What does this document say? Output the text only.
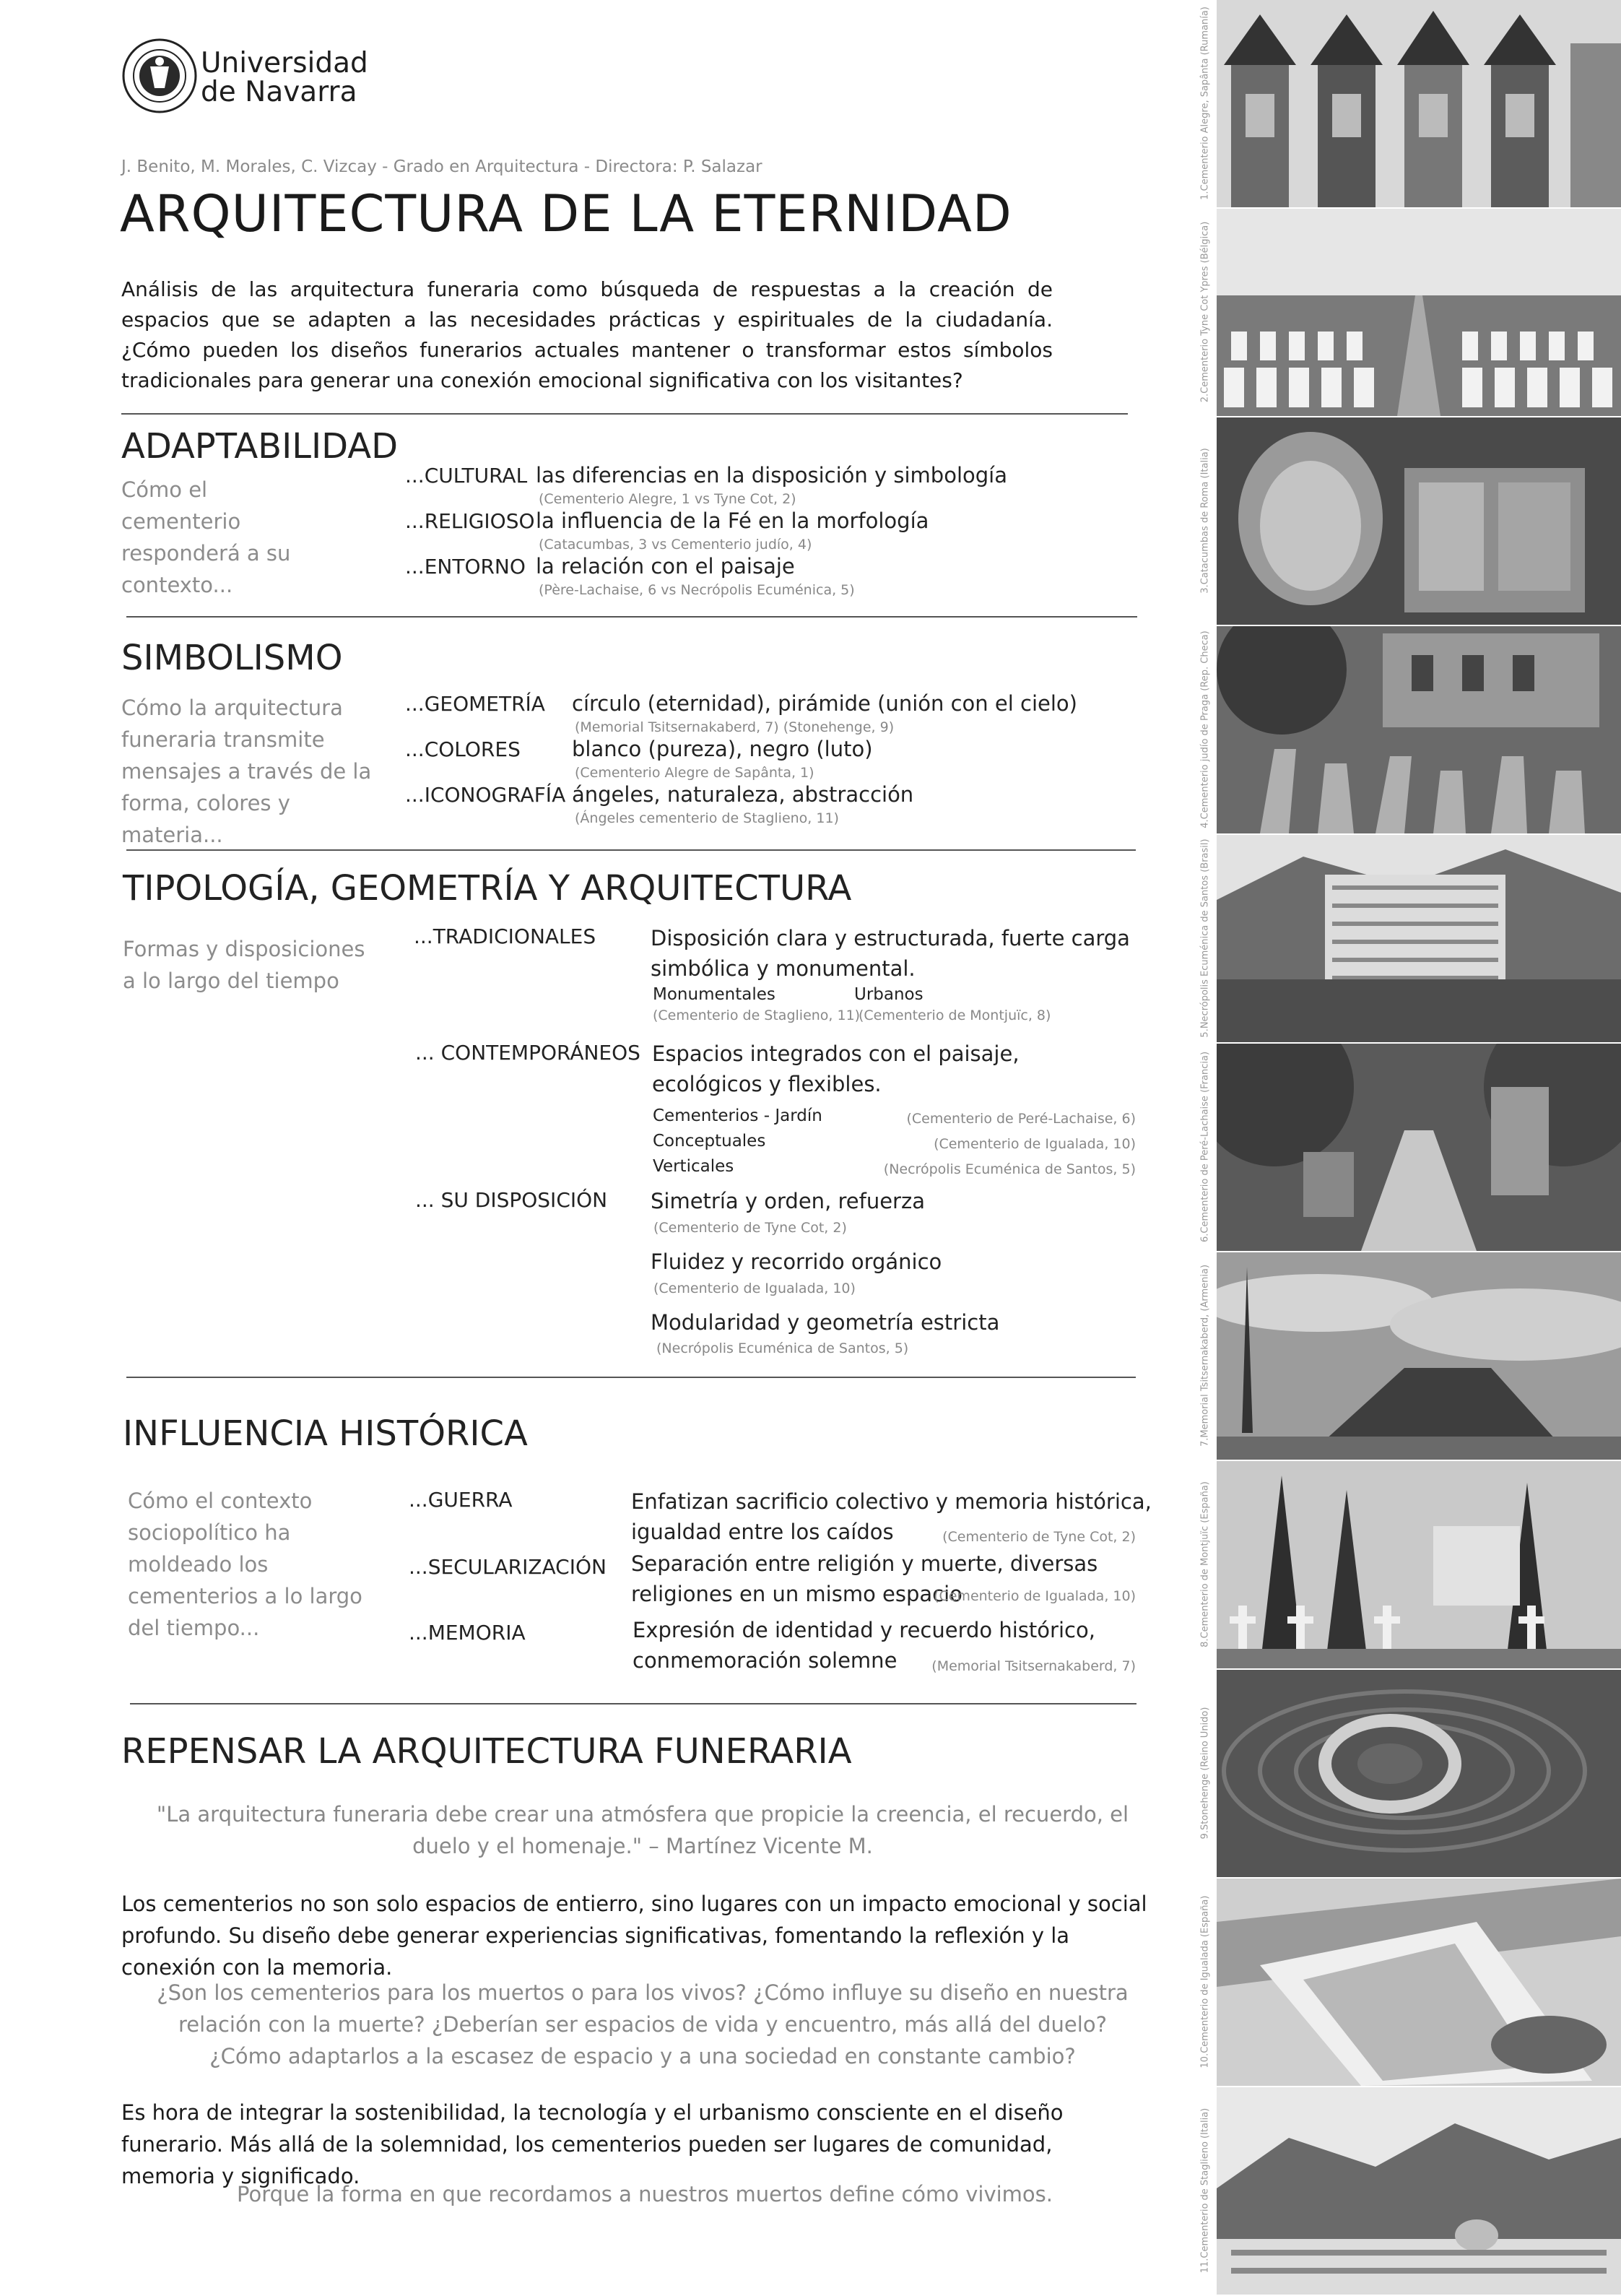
Universidad
de Navarra
J. Benito, M. Morales, C. Vizcay - Grado en Arquitectura - Directora: P. Salazar
ARQUITECTURA DE LA ETERNIDAD
Análisis de las arquitectura funeraria como búsqueda de respuestas a la creación de espacios que se adapten a las necesidades prácticas y espirituales de la ciudadanía. ¿Cómo pueden los diseños funerarios actuales mantener o transformar estos símbolos tradicionales para generar una conexión emocional significativa con los visitantes?
ADAPTABILIDAD
Cómo el cementerio responderá a su contexto...
...CULTURAL las diferencias en la disposición y simbología
(Cementerio Alegre, 1 vs Tyne Cot, 2)
...RELIGIOSO la influencia de la Fé en la morfología
(Catacumbas, 3 vs Cementerio judío, 4)
...ENTORNO la relación con el paisaje
(Père-Lachaise, 6 vs Necrópolis Ecuménica, 5)
SIMBOLISMO
Cómo la arquitectura funeraria transmite mensajes a través de la forma, colores y materia...
...GEOMETRÍA círculo (eternidad), pirámide (unión con el cielo)
(Memorial Tsitsernakaberd, 7) (Stonehenge, 9)
...COLORES blanco (pureza), negro (luto)
(Cementerio Alegre de Sapânta, 1)
...ICONOGRAFÍA ángeles, naturaleza, abstracción
(Ángeles cementerio de Staglieno, 11)
TIPOLOGÍA, GEOMETRÍA Y ARQUITECTURA
Formas y disposiciones a lo largo del tiempo
...TRADICIONALES	Disposición clara y estructurada, fuerte carga simbólica y monumental.
Monumentales
(Cementerio de Staglieno, 11)
Urbanos
(Cementerio de Montjuïc, 8)
... CONTEMPORÁNEOS Espacios integrados con el paisaje, ecológicos y flexibles.
Cementerios - Jardín	(Cementerio de Peré-Lachaise, 6)
Conceptuales	(Cementerio de Igualada, 10)
Verticales	(Necrópolis Ecuménica de Santos, 5)
... SU DISPOSICIÓN Simetría y orden, refuerza
(Cementerio de Tyne Cot, 2)
Fluidez y recorrido orgánico
(Cementerio de Igualada, 10)
Modularidad y geometría estricta
(Necrópolis Ecuménica de Santos, 5)
INFLUENCIA HISTÓRICA
Cómo el contexto sociopolítico ha moldeado los cementerios a lo largo del tiempo...
...GUERRA	Enfatizan sacrificio colectivo y memoria histórica,
igualdad entre los caídos	(Cementerio de Tyne Cot, 2)
...SECULARIZACIÓN Separación entre religión y muerte, diversas
religiones en un mismo espacio
(Cementerio de Igualada, 10)
...MEMORIA	Expresión de identidad y recuerdo histórico,
conmemoración solemne	(Memorial Tsitsernakaberd, 7)
REPENSAR LA ARQUITECTURA FUNERARIA
"La arquitectura funeraria debe crear una atmósfera que propicie la creencia, el recuerdo, el duelo y el homenaje." – Martínez Vicente M.
Los cementerios no son solo espacios de entierro, sino lugares con un impacto emocional y social profundo. Su diseño debe generar experiencias significativas, fomentando la reflexión y la conexión con la memoria.
¿Son los cementerios para los muertos o para los vivos? ¿Cómo influye su diseño en nuestra relación con la muerte? ¿Deberían ser espacios de vida y encuentro, más allá del duelo? ¿Cómo adaptarlos a la escasez de espacio y a una sociedad en constante cambio?
Es hora de integrar la sostenibilidad, la tecnología y el urbanismo consciente en el diseño funerario. Más allá de la solemnidad, los cementerios pueden ser lugares de comunidad, memoria y significado.
Porque la forma en que recordamos a nuestros muertos define cómo vivimos.
1.Cementerio Alegre, Sapânta (Rumanía)
2.Cementerio Tyne Cot Ypres (Bélgica)
3.Catacumbas de Roma (Italia)
4.Cementerio judío de Praga (Rep. Checa)
5.Necrópolis Ecuménica de Santos (Brasil)
6.Cementerio de Peré-Lachaise (Francia)
7.Memorial Tsitsernakaberd, (Armenia)
8.Cementerio de Montjuïc (España)
9.Stonehenge (Reino Unido)
10.Cementerio de Igualada (España)
11.Cementerio de Staglieno (Italia)
